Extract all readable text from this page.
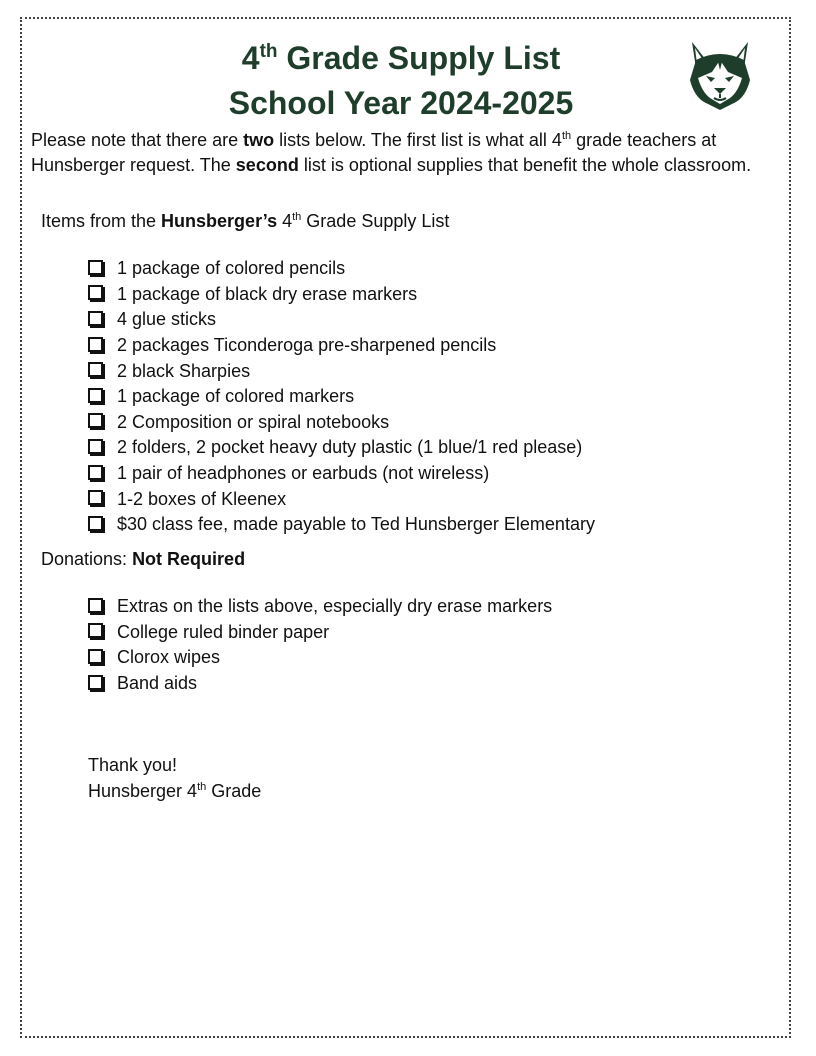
4th Grade Supply List
School Year 2024-2025

Please note that there are two lists below. The first list is what all 4th grade teachers at Hunsberger request. The second list is optional supplies that benefit the whole classroom.

Items from the Hunsberger’s 4th Grade Supply List

1 package of colored pencils
1 package of black dry erase markers
4 glue sticks
2 packages Ticonderoga pre-sharpened pencils
2 black Sharpies
1 package of colored markers
2 Composition or spiral notebooks
2 folders, 2 pocket heavy duty plastic (1 blue/1 red please)
1 pair of headphones or earbuds (not wireless)
1-2 boxes of Kleenex
$30 class fee, made payable to Ted Hunsberger Elementary

Donations: Not Required

Extras on the lists above, especially dry erase markers
College ruled binder paper
Clorox wipes
Band aids
Thank you!
Hunsberger 4th Grade
